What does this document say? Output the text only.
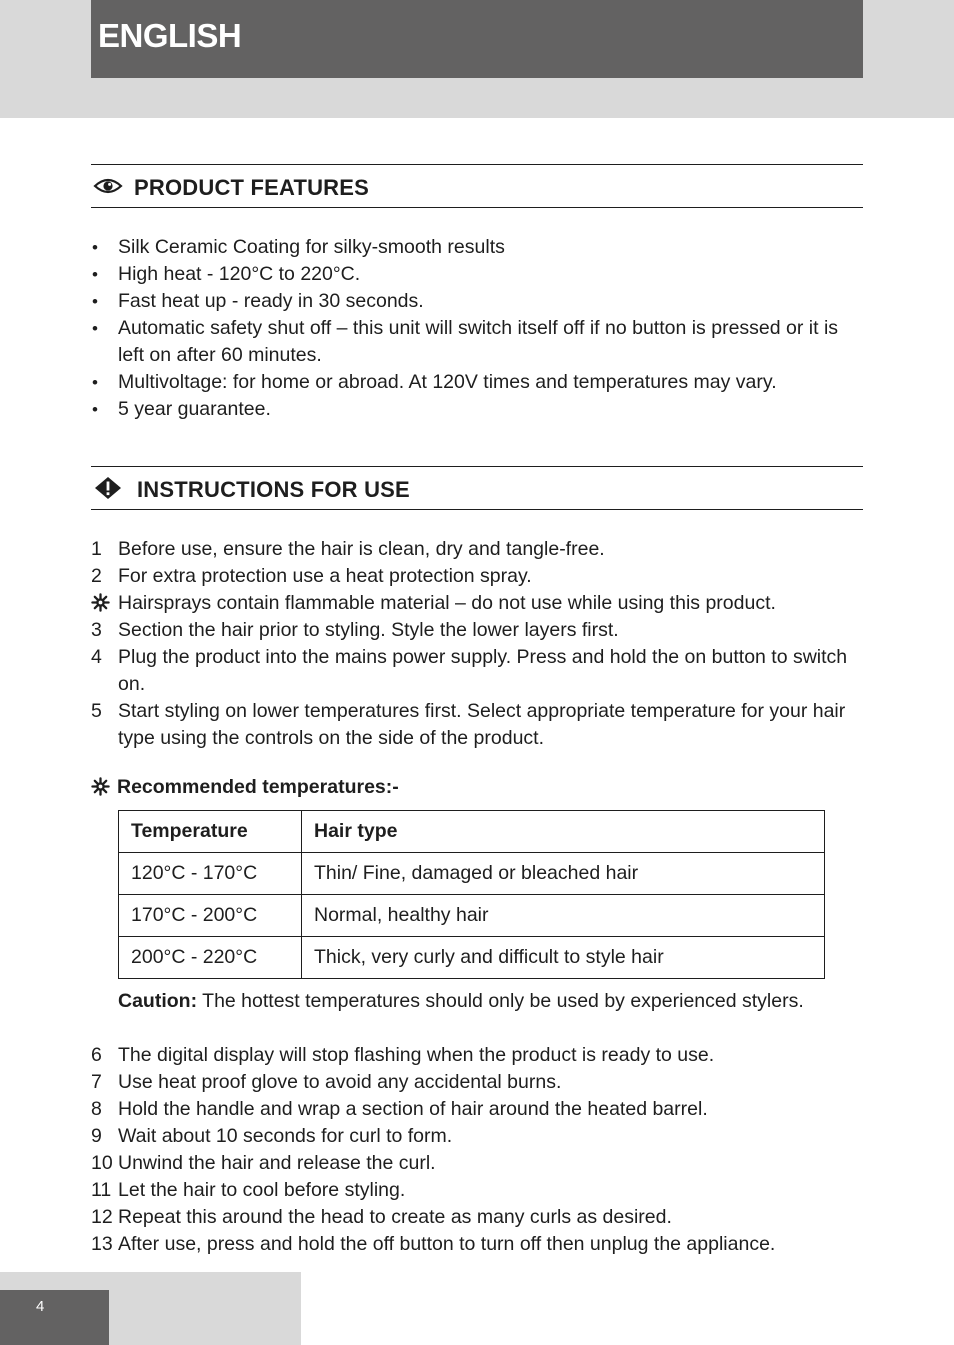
ENGLISH
PRODUCT FEATURES
• Silk Ceramic Coating for silky-smooth results
• High heat - 120°C to 220°C.
• Fast heat up - ready in 30 seconds.
• Automatic safety shut off – this unit will switch itself off if no button is pressed or it is left on after 60 minutes.
• Multivoltage: for home or abroad. At 120V times and temperatures may vary.
• 5 year guarantee.
INSTRUCTIONS FOR USE
1 Before use, ensure the hair is clean, dry and tangle-free.
2 For extra protection use a heat protection spray.
Hairsprays contain flammable material – do not use while using this product.
3 Section the hair prior to styling. Style the lower layers first.
4 Plug the product into the mains power supply. Press and hold the on button to switch on.
5 Start styling on lower temperatures first. Select appropriate temperature for your hair type using the controls on the side of the product.
Recommended temperatures:-
Temperature	Hair type
120°C - 170°C	Thin/ Fine, damaged or bleached hair
170°C - 200°C	Normal, healthy hair
200°C - 220°C	Thick, very curly and difficult to style hair
Caution: The hottest temperatures should only be used by experienced stylers.
6 The digital display will stop flashing when the product is ready to use.
7 Use heat proof glove to avoid any accidental burns.
8 Hold the handle and wrap a section of hair around the heated barrel.
9 Wait about 10 seconds for curl to form.
10 Unwind the hair and release the curl.
11 Let the hair to cool before styling.
12 Repeat this around the head to create as many curls as desired.
13 After use, press and hold the off button to turn off then unplug the appliance.
4
